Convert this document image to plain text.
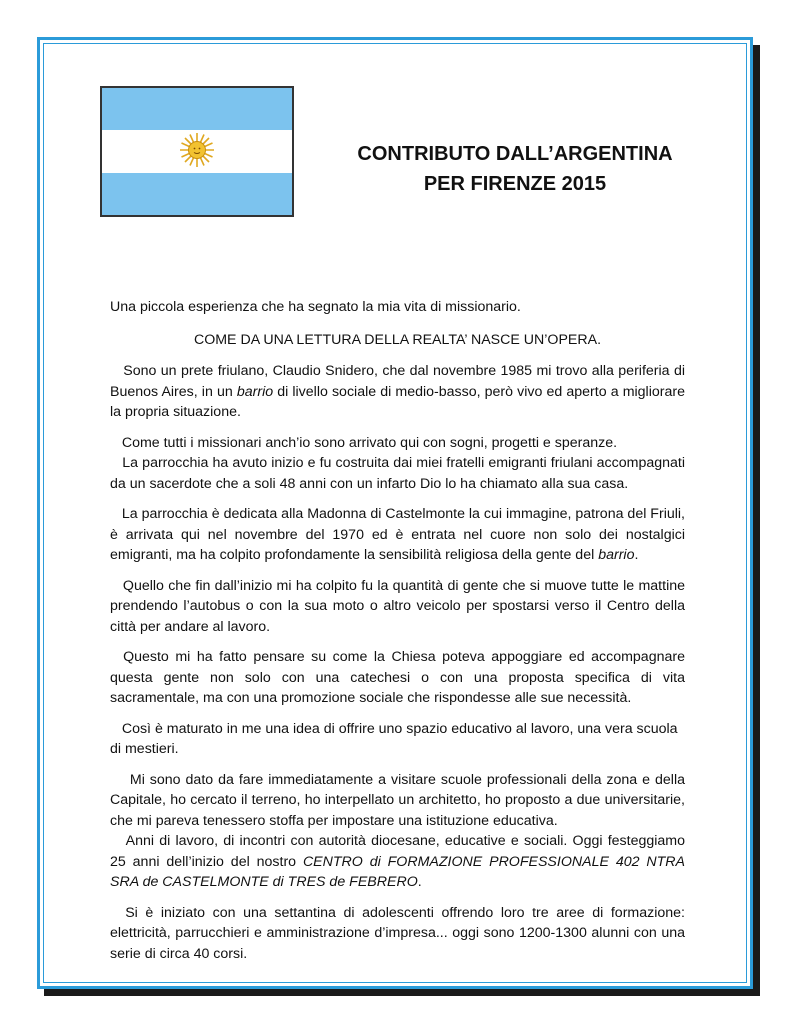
CONTRIBUTO DALL’ARGENTINA
PER FIRENZE 2015

Una piccola esperienza che ha segnato la mia vita di missionario.

COME DA UNA LETTURA DELLA REALTA’ NASCE UN’OPERA.

Sono un prete friulano, Claudio Snidero, che dal novembre 1985 mi trovo alla periferia di Buenos Aires, in un barrio di livello sociale di medio-basso, però vivo ed aperto a migliorare la propria situazione.

Come tutti i missionari anch’io sono arrivato qui con sogni, progetti e speranze.

La parrocchia ha avuto inizio e fu costruita dai miei fratelli emigranti friulani accompagnati da un sacerdote che a soli 48 anni con un infarto Dio lo ha chiamato alla sua casa.

La parrocchia è dedicata alla Madonna di Castelmonte la cui immagine, patrona del Friuli, è arrivata qui nel novembre del 1970 ed è entrata nel cuore non solo dei nostalgici emigranti, ma ha colpito profondamente la sensibilità religiosa della gente del barrio.

Quello che fin dall’inizio mi ha colpito fu la quantità di gente che si muove tutte le mattine prendendo l’autobus o con la sua moto o altro veicolo per spostarsi verso il Centro della città per andare al lavoro.

Questo mi ha fatto pensare su come la Chiesa poteva appoggiare ed accompagnare questa gente non solo con una catechesi o con una proposta specifica di vita sacramentale, ma con una promozione sociale che rispondesse alle sue necessità.

Così è maturato in me una idea di offrire uno spazio educativo al lavoro, una vera scuola di mestieri.

Mi sono dato da fare immediatamente a visitare scuole professionali della zona e della Capitale, ho cercato il terreno, ho interpellato un architetto, ho proposto a due universitarie, che mi pareva tenessero stoffa per impostare una istituzione educativa.

Anni di lavoro, di incontri con autorità diocesane, educative e sociali. Oggi festeggiamo 25 anni dell’inizio del nostro CENTRO di FORMAZIONE PROFESSIONALE 402 NTRA SRA de CASTELMONTE di TRES de FEBRERO.

Si è iniziato con una settantina di adolescenti offrendo loro tre aree di formazione: elettricità, parrucchieri e amministrazione d’impresa... oggi sono 1200-1300 alunni con una serie di circa 40 corsi.
